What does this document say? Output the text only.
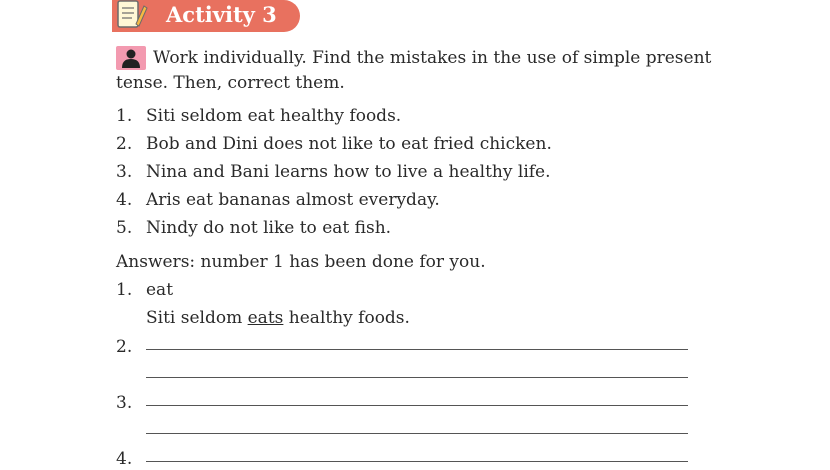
Activity 3
Work individually. Find the mistakes in the use of simple present
tense. Then, correct them.
1. Siti seldom eat healthy foods.
2. Bob and Dini does not like to eat fried chicken.
3. Nina and Bani learns how to live a healthy life.
4. Aris eat bananas almost everyday.
5. Nindy do not like to eat fish.
Answers: number 1 has been done for you.
1. eat
Siti seldom eats healthy foods.
2.
3.
4.
